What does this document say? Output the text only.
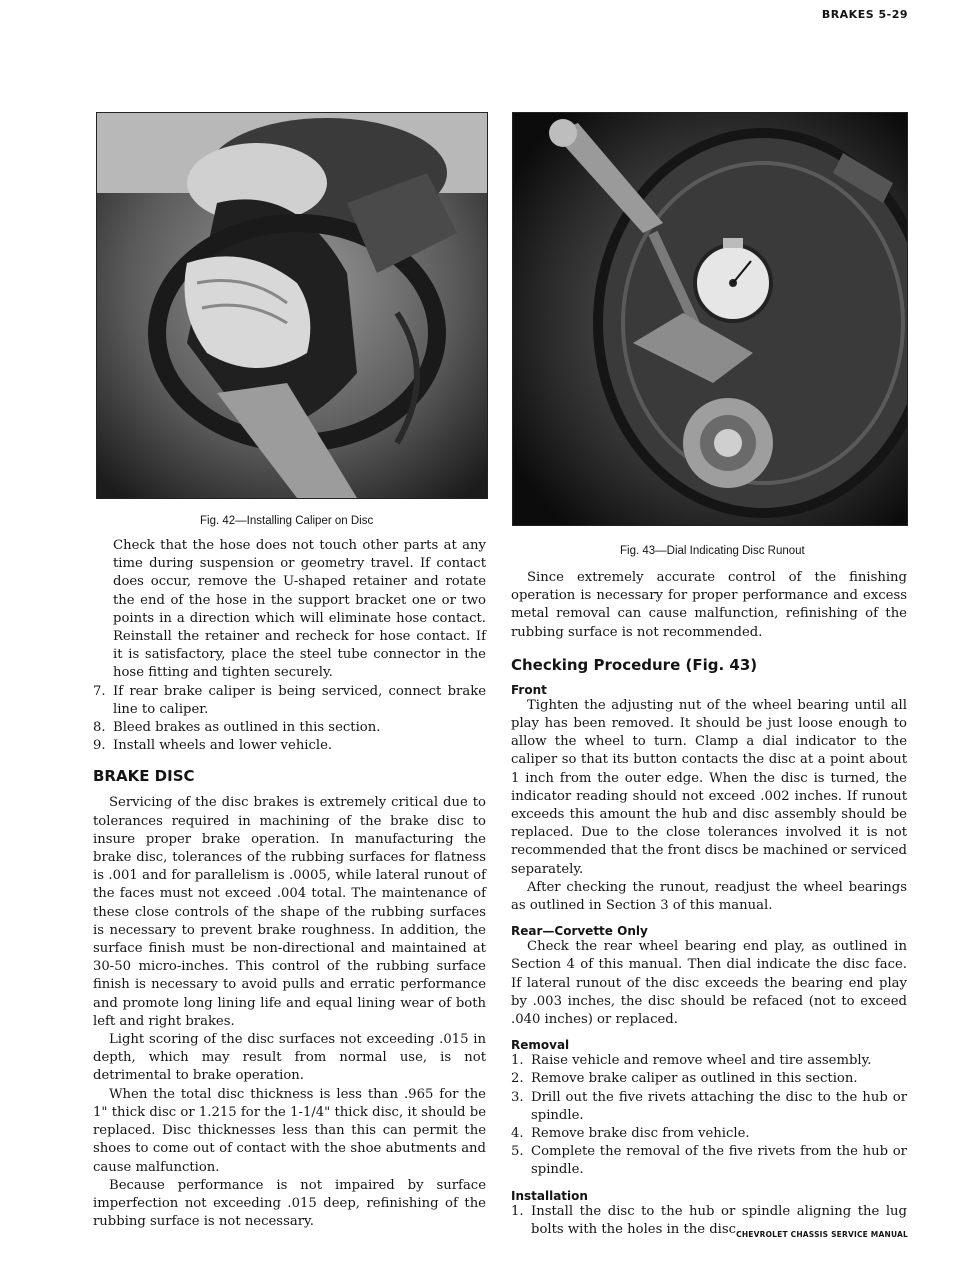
BRAKES 5-29
Fig. 42—Installing Caliper on Disc

Check that the hose does not touch other parts at any time during suspension or geometry travel. If contact does occur, remove the U-shaped retainer and rotate the end of the hose in the support bracket one or two points in a direction which will eliminate hose contact. Reinstall the retainer and recheck for hose contact. If it is satisfactory, place the steel tube connector in the hose fitting and tighten securely.

7. If rear brake caliper is being serviced, connect brake line to caliper.
8. Bleed brakes as outlined in this section.
9. Install wheels and lower vehicle.
BRAKE DISC

Servicing of the disc brakes is extremely critical due to tolerances required in machining of the brake disc to insure proper brake operation. In manufacturing the brake disc, tolerances of the rubbing surfaces for flatness is .001 and for parallelism is .0005, while lateral runout of the faces must not exceed .004 total. The maintenance of these close controls of the shape of the rubbing surfaces is necessary to prevent brake roughness. In addition, the surface finish must be non-directional and maintained at 30-50 micro-inches. This control of the rubbing surface finish is necessary to avoid pulls and erratic performance and promote long lining life and equal lining wear of both left and right brakes.

Light scoring of the disc surfaces not exceeding .015 in depth, which may result from normal use, is not detrimental to brake operation.

When the total disc thickness is less than .965 for the 1" thick disc or 1.215 for the 1-1/4" thick disc, it should be replaced. Disc thicknesses less than this can permit the shoes to come out of contact with the shoe abutments and cause malfunction.

Because performance is not impaired by surface imperfection not exceeding .015 deep, refinishing of the rubbing surface is not necessary.

Fig. 43—Dial Indicating Disc Runout

Since extremely accurate control of the finishing operation is necessary for proper performance and excess metal removal can cause malfunction, refinishing of the rubbing surface is not recommended.

Checking Procedure (Fig. 43)
Front

Tighten the adjusting nut of the wheel bearing until all play has been removed. It should be just loose enough to allow the wheel to turn. Clamp a dial indicator to the caliper so that its button contacts the disc at a point about 1 inch from the outer edge. When the disc is turned, the indicator reading should not exceed .002 inches. If runout exceeds this amount the hub and disc assembly should be replaced. Due to the close tolerances involved it is not recommended that the front discs be machined or serviced separately.

After checking the runout, readjust the wheel bearings as outlined in Section 3 of this manual.

Rear—Corvette Only

Check the rear wheel bearing end play, as outlined in Section 4 of this manual. Then dial indicate the disc face. If lateral runout of the disc exceeds the bearing end play by .003 inches, the disc should be refaced (not to exceed .040 inches) or replaced.

Removal
1. Raise vehicle and remove wheel and tire assembly.
2. Remove brake caliper as outlined in this section.
3. Drill out the five rivets attaching the disc to the hub or spindle.
4. Remove brake disc from vehicle.
5. Complete the removal of the five rivets from the hub or spindle.
Installation
1. Install the disc to the hub or spindle aligning the lug bolts with the holes in the disc.
CHEVROLET CHASSIS SERVICE MANUAL
